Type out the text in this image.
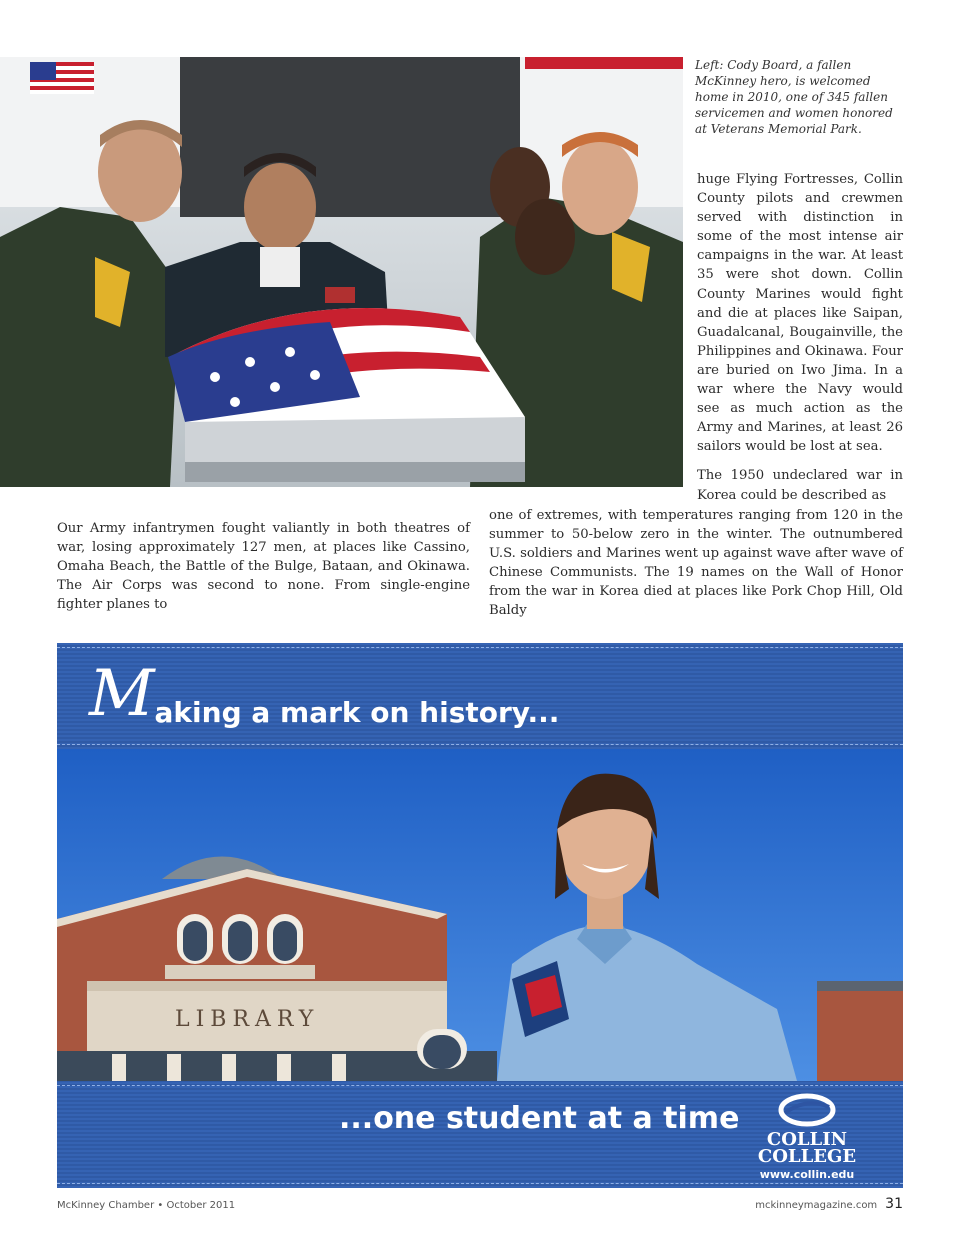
Left: Cody Board, a fallen McKinney hero, is welcomed home in 2010, one of 345 fallen servicemen and women honored at Veterans Memorial Park.

huge Flying Fortresses, Collin County pilots and crewmen served with distinction in some of the most intense air campaigns in the war. At least 35 were shot down. Collin County Marines would fight and die at places like Saipan, Guadalcanal, Bougainville, the Philippines and Okinawa. Four are buried on Iwo Jima. In a war where the Navy would see as much action as the Army and Marines, at least 26 sailors would be lost at sea.

The 1950 undeclared war in Korea could be described as

one of extremes, with temperatures ranging from 120 in the summer to 50-below zero in the winter. The outnumbered U.S. soldiers and Marines went up against wave after wave of Chinese Communists. The 19 names on the Wall of Honor from the war in Korea died at places like Pork Chop Hill, Old Baldy

Our Army infantrymen fought valiantly in both theatres of war, losing approximately 127 men, at places like Cassino, Omaha Beach, the Battle of the Bulge, Bataan, and Okinawa. The Air Corps was second to none. From single-engine fighter planes to

Making a mark on history...
LIBRARY
...one student at a time
COLLIN
COLLEGE
www.collin.edu
McKinney Chamber • October 2011	mckinneymagazine.com 31
